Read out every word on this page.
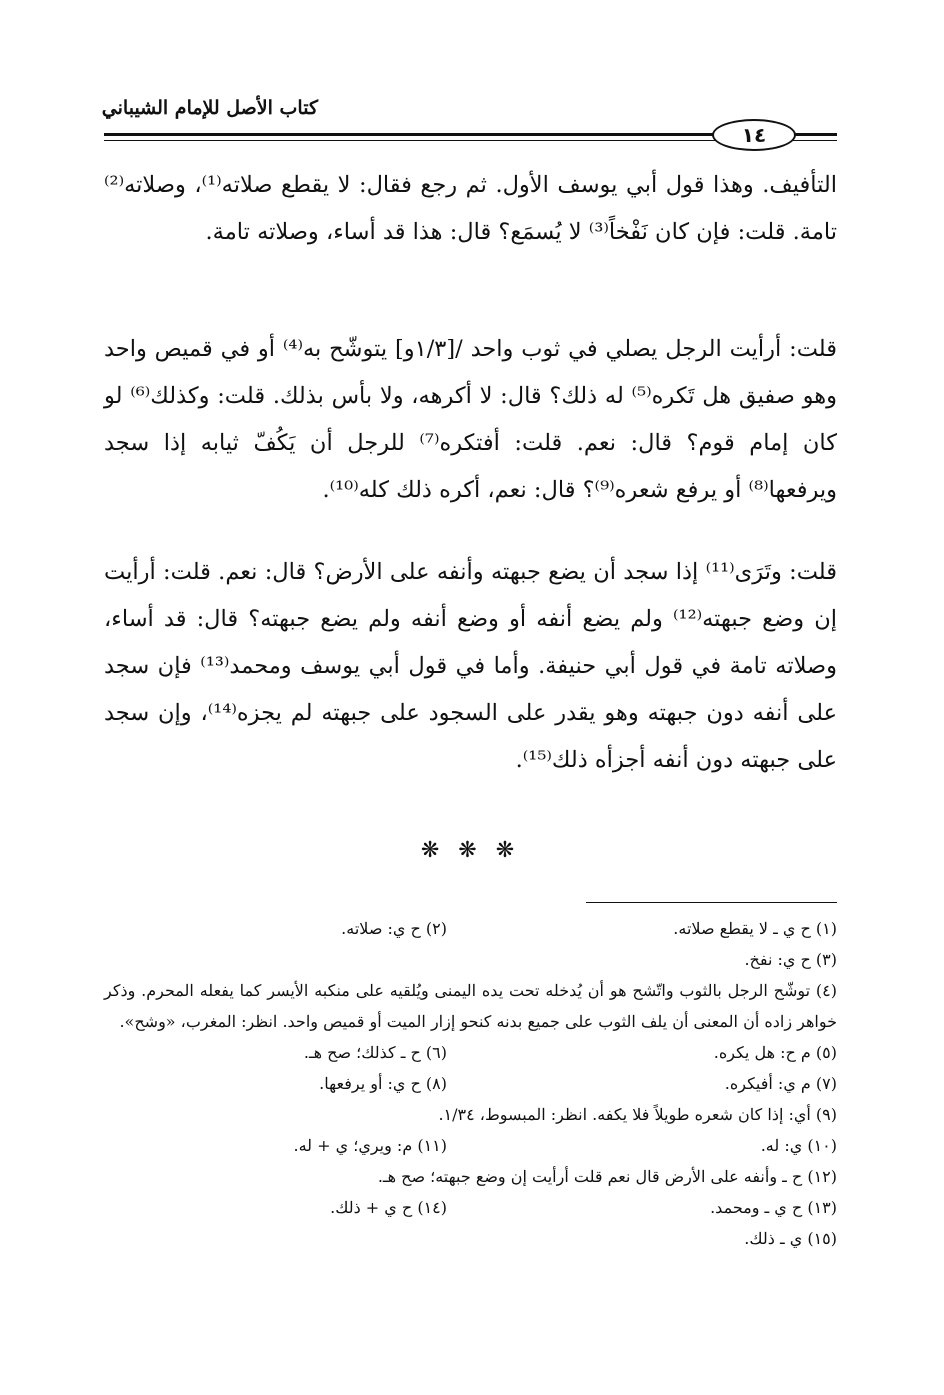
كتاب الأصل للإمام الشيباني
١٤

التأفيف. وهذا قول أبي يوسف الأول. ثم رجع فقال: لا يقطع صلاته⁽¹⁾، وصلاته⁽²⁾ تامة. قلت: فإن كان نَفْخاً⁽³⁾ لا يُسمَع؟ قال: هذا قد أساء، وصلاته تامة.

قلت: أرأيت الرجل يصلي في ثوب واحد /[١/٣و] يتوشّح به⁽⁴⁾ أو في قميص واحد وهو صفيق هل تَكره⁽⁵⁾ له ذلك؟ قال: لا أكرهه، ولا بأس بذلك. قلت: وكذلك⁽⁶⁾ لو كان إمام قوم؟ قال: نعم. قلت: أفتكره⁽⁷⁾ للرجل أن يَكُفّ ثيابه إذا سجد ويرفعها⁽⁸⁾ أو يرفع شعره⁽⁹⁾؟ قال: نعم، أكره ذلك كله⁽¹⁰⁾.

قلت: وتَرَى⁽¹¹⁾ إذا سجد أن يضع جبهته وأنفه على الأرض؟ قال: نعم. قلت: أرأيت إن وضع جبهته⁽¹²⁾ ولم يضع أنفه أو وضع أنفه ولم يضع جبهته؟ قال: قد أساء، وصلاته تامة في قول أبي حنيفة. وأما في قول أبي يوسف ومحمد⁽¹³⁾ فإن سجد على أنفه دون جبهته وهو يقدر على السجود على جبهته لم يجزه⁽¹⁴⁾، وإن سجد على جبهته دون أنفه أجزأه ذلك⁽¹⁵⁾.

❋ ❋ ❋
(١) ح ي ـ لا يقطع صلاته.
(٢) ح ي: صلاته.
(٣) ح ي: نفخ.
(٤) توشّح الرجل بالثوب واتّشح هو أن يُدخله تحت يده اليمنى ويُلقيه على منكبه الأيسر كما يفعله المحرم. وذكر خواهر زاده أن المعنى أن يلف الثوب على جميع بدنه كنحو إزار الميت أو قميص واحد. انظر: المغرب، «وشح».
(٥) م ح: هل يكره.
(٦) ح ـ كذلك؛ صح هـ.
(٧) م ي: أفيكره.
(٨) ح ي: أو يرفعها.
(٩) أي: إذا كان شعره طويلاً فلا يكفه. انظر: المبسوط، ١/٣٤.
(١٠) ي: له.
(١١) م: ويري؛ ي + له.
(١٢) ح ـ وأنفه على الأرض قال نعم قلت أرأيت إن وضع جبهته؛ صح هـ.
(١٣) ح ي ـ ومحمد.
(١٤) ح ي + ذلك.
(١٥) ي ـ ذلك.
